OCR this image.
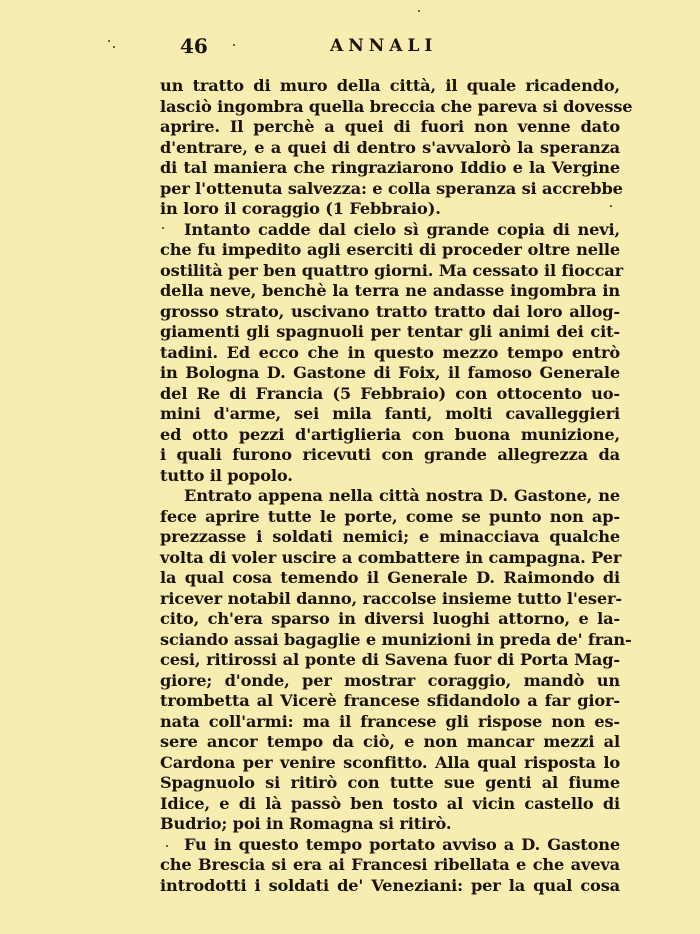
46	ANNALI
un tratto di muro della città, il quale ricadendo,
lasciò ingombra quella breccia che pareva si dovesse
aprire. Il perchè a quei di fuori non venne dato
d'entrare, e a quei di dentro s'avvalorò la speranza
di tal maniera che ringraziarono Iddio e la Vergine
per l'ottenuta salvezza: e colla speranza si accrebbe
in loro il coraggio (1 Febbraio).
Intanto cadde dal cielo sì grande copia di nevi,
che fu impedito agli eserciti di proceder oltre nelle
ostilità per ben quattro giorni. Ma cessato il fioccar
della neve, benchè la terra ne andasse ingombra in
grosso strato, uscivano tratto tratto dai loro allog-
giamenti gli spagnuoli per tentar gli animi dei cit-
tadini. Ed ecco che in questo mezzo tempo entrò
in Bologna D. Gastone di Foix, il famoso Generale
del Re di Francia (5 Febbraio) con ottocento uo-
mini d'arme, sei mila fanti, molti cavalleggieri
ed otto pezzi d'artiglieria con buona munizione,
i quali furono ricevuti con grande allegrezza da
tutto il popolo.
Entrato appena nella città nostra D. Gastone, ne
fece aprire tutte le porte, come se punto non ap-
prezzasse i soldati nemici; e minacciava qualche
volta di voler uscire a combattere in campagna. Per
la qual cosa temendo il Generale D. Raimondo di
ricever notabil danno, raccolse insieme tutto l'eser-
cito, ch'era sparso in diversi luoghi attorno, e la-
sciando assai bagaglie e munizioni in preda de' fran-
cesi, ritirossi al ponte di Savena fuor di Porta Mag-
giore; d'onde, per mostrar coraggio, mandò un
trombetta al Vicerè francese sfidandolo a far gior-
nata coll'armi: ma il francese gli rispose non es-
sere ancor tempo da ciò, e non mancar mezzi al
Cardona per venire sconfitto. Alla qual risposta lo
Spagnuolo si ritirò con tutte sue genti al fiume
Idice, e di là passò ben tosto al vicin castello di
Budrio; poi in Romagna si ritirò.
Fu in questo tempo portato avviso a D. Gastone
che Brescia si era ai Francesi ribellata e che aveva
introdotti i soldati de' Veneziani: per la qual cosa
